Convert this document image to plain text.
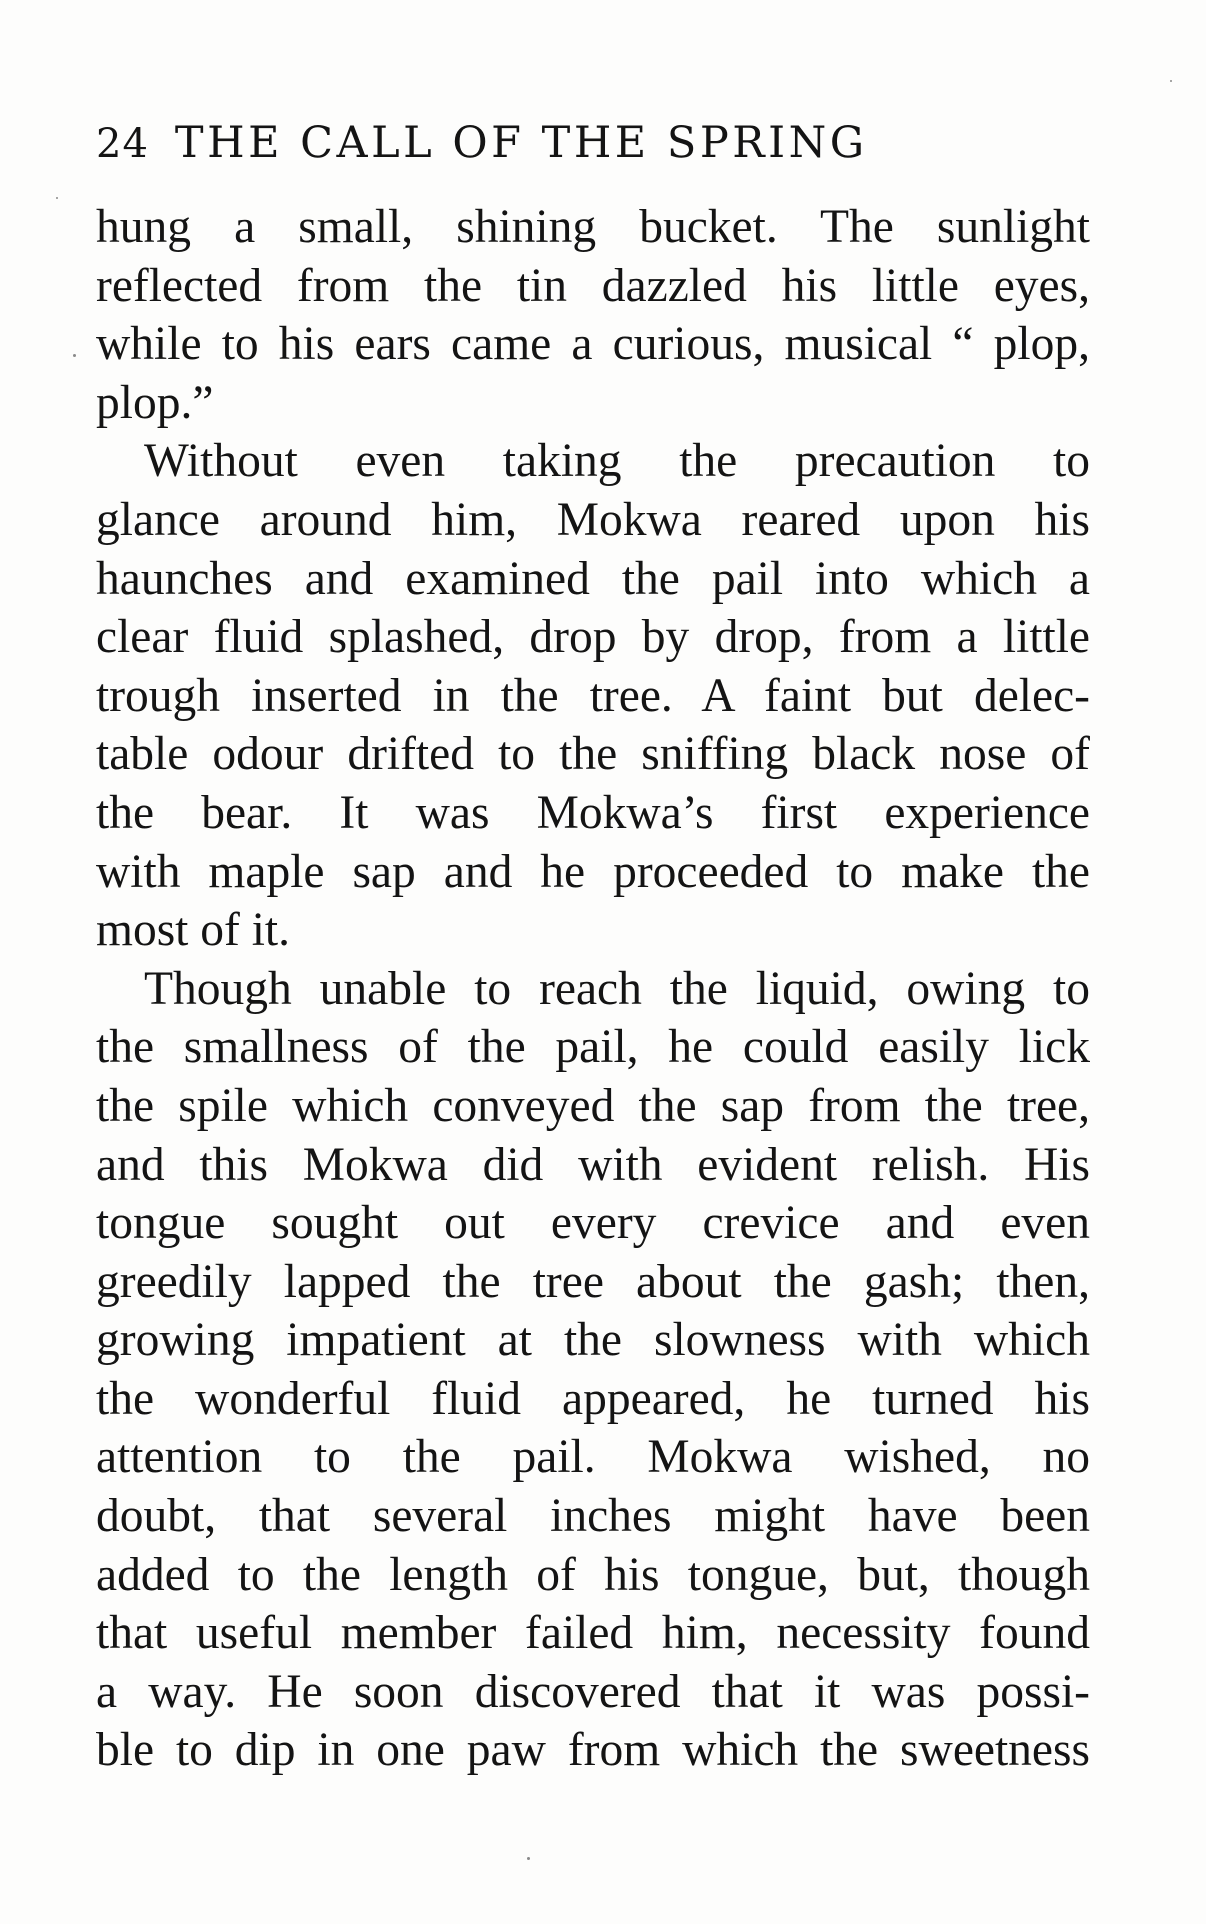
24 THE CALL OF THE SPRING
hung a small, shining bucket. The sunlight
reflected from the tin dazzled his little eyes,
while to his ears came a curious, musical “ plop,
plop.”
Without even taking the precaution to
glance around him, Mokwa reared upon his
haunches and examined the pail into which a
clear fluid splashed, drop by drop, from a little
trough inserted in the tree. A faint but delec-
table odour drifted to the sniffing black nose of
the bear. It was Mokwa’s first experience
with maple sap and he proceeded to make the
most of it.
Though unable to reach the liquid, owing to
the smallness of the pail, he could easily lick
the spile which conveyed the sap from the tree,
and this Mokwa did with evident relish. His
tongue sought out every crevice and even
greedily lapped the tree about the gash; then,
growing impatient at the slowness with which
the wonderful fluid appeared, he turned his
attention to the pail. Mokwa wished, no
doubt, that several inches might have been
added to the length of his tongue, but, though
that useful member failed him, necessity found
a way. He soon discovered that it was possi-
ble to dip in one paw from which the sweetness
